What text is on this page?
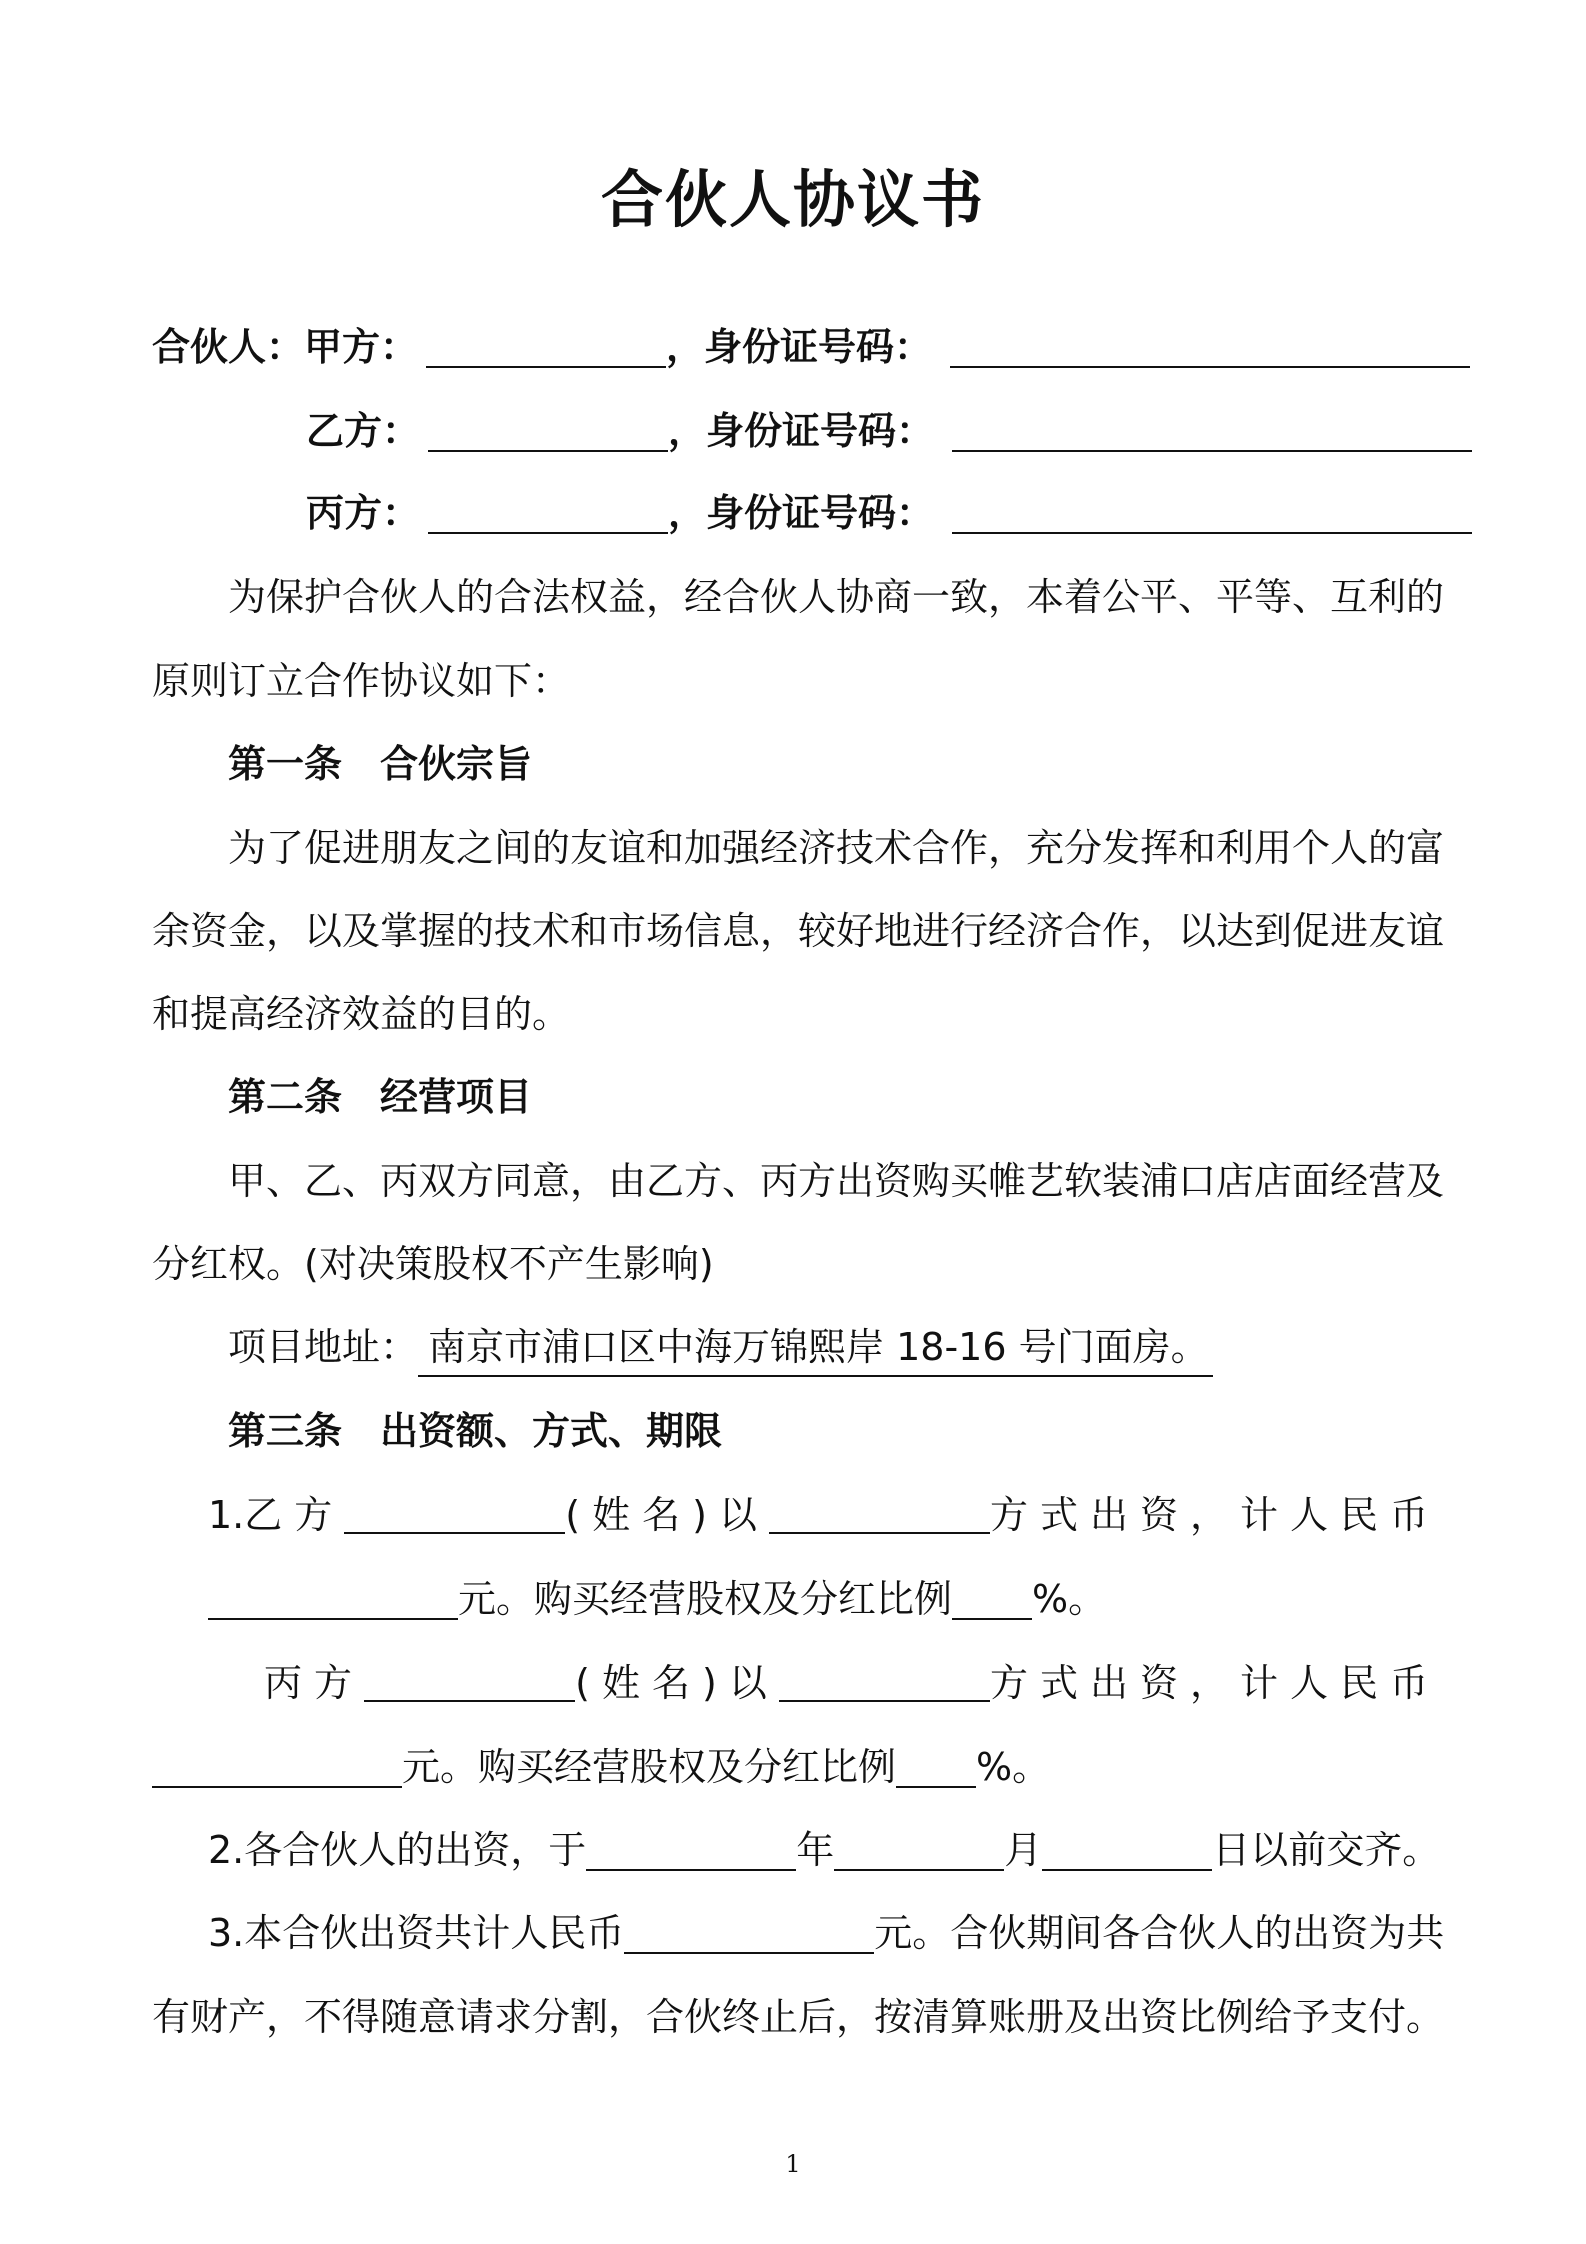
合伙人协议书
合伙人：甲方：	，身份证号码：
乙方：	，身份证号码：
丙方：	，身份证号码：
为保护合伙人的合法权益，经合伙人协商一致，本着公平、平等、互利的
原则订立合作协议如下：
第一条　合伙宗旨
为了促进朋友之间的友谊和加强经济技术合作，充分发挥和利用个人的富
余资金，以及掌握的技术和市场信息，较好地进行经济合作，以达到促进友谊
和提高经济效益的目的。
第二条　经营项目
甲、乙、丙双方同意，由乙方、丙方出资购买帷艺软装浦口店店面经营及
分红权。(对决策股权不产生影响)
项目地址： 南京市浦口区中海万锦熙岸 18-16 号门面房。
第三条 出资额、方式、期限
1. 乙方	(姓名)以	方式出资，计人民币
元。购买经营股权及分红比例 %。
丙方	(姓名)以	方式出资，计人民币
元。购买经营股权及分红比例 %。
2.各合伙人的出资，于	年	月	日以前交齐。
3.本合伙出资共计人民币	元。合伙期间各合伙人的出资为共
有财产，不得随意请求分割，合伙终止后，按清算账册及出资比例给予支付。
1
